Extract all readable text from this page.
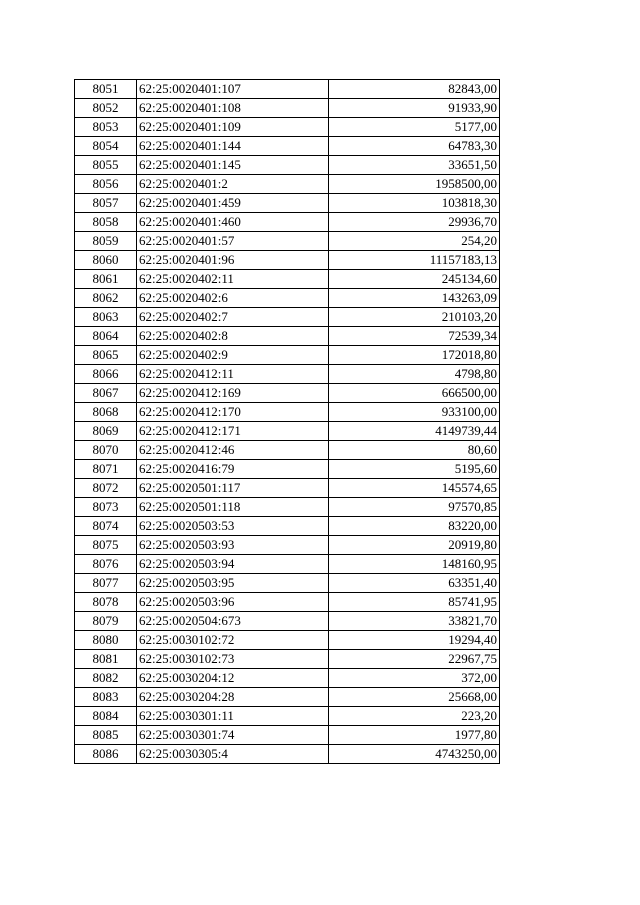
8051	62:25:0020401:107	82843,00
8052	62:25:0020401:108	91933,90
8053	62:25:0020401:109	5177,00
8054	62:25:0020401:144	64783,30
8055	62:25:0020401:145	33651,50
8056	62:25:0020401:2	1958500,00
8057	62:25:0020401:459	103818,30
8058	62:25:0020401:460	29936,70
8059	62:25:0020401:57	254,20
8060	62:25:0020401:96	11157183,13
8061	62:25:0020402:11	245134,60
8062	62:25:0020402:6	143263,09
8063	62:25:0020402:7	210103,20
8064	62:25:0020402:8	72539,34
8065	62:25:0020402:9	172018,80
8066	62:25:0020412:11	4798,80
8067	62:25:0020412:169	666500,00
8068	62:25:0020412:170	933100,00
8069	62:25:0020412:171	4149739,44
8070	62:25:0020412:46	80,60
8071	62:25:0020416:79	5195,60
8072	62:25:0020501:117	145574,65
8073	62:25:0020501:118	97570,85
8074	62:25:0020503:53	83220,00
8075	62:25:0020503:93	20919,80
8076	62:25:0020503:94	148160,95
8077	62:25:0020503:95	63351,40
8078	62:25:0020503:96	85741,95
8079	62:25:0020504:673	33821,70
8080	62:25:0030102:72	19294,40
8081	62:25:0030102:73	22967,75
8082	62:25:0030204:12	372,00
8083	62:25:0030204:28	25668,00
8084	62:25:0030301:11	223,20
8085	62:25:0030301:74	1977,80
8086	62:25:0030305:4	4743250,00
